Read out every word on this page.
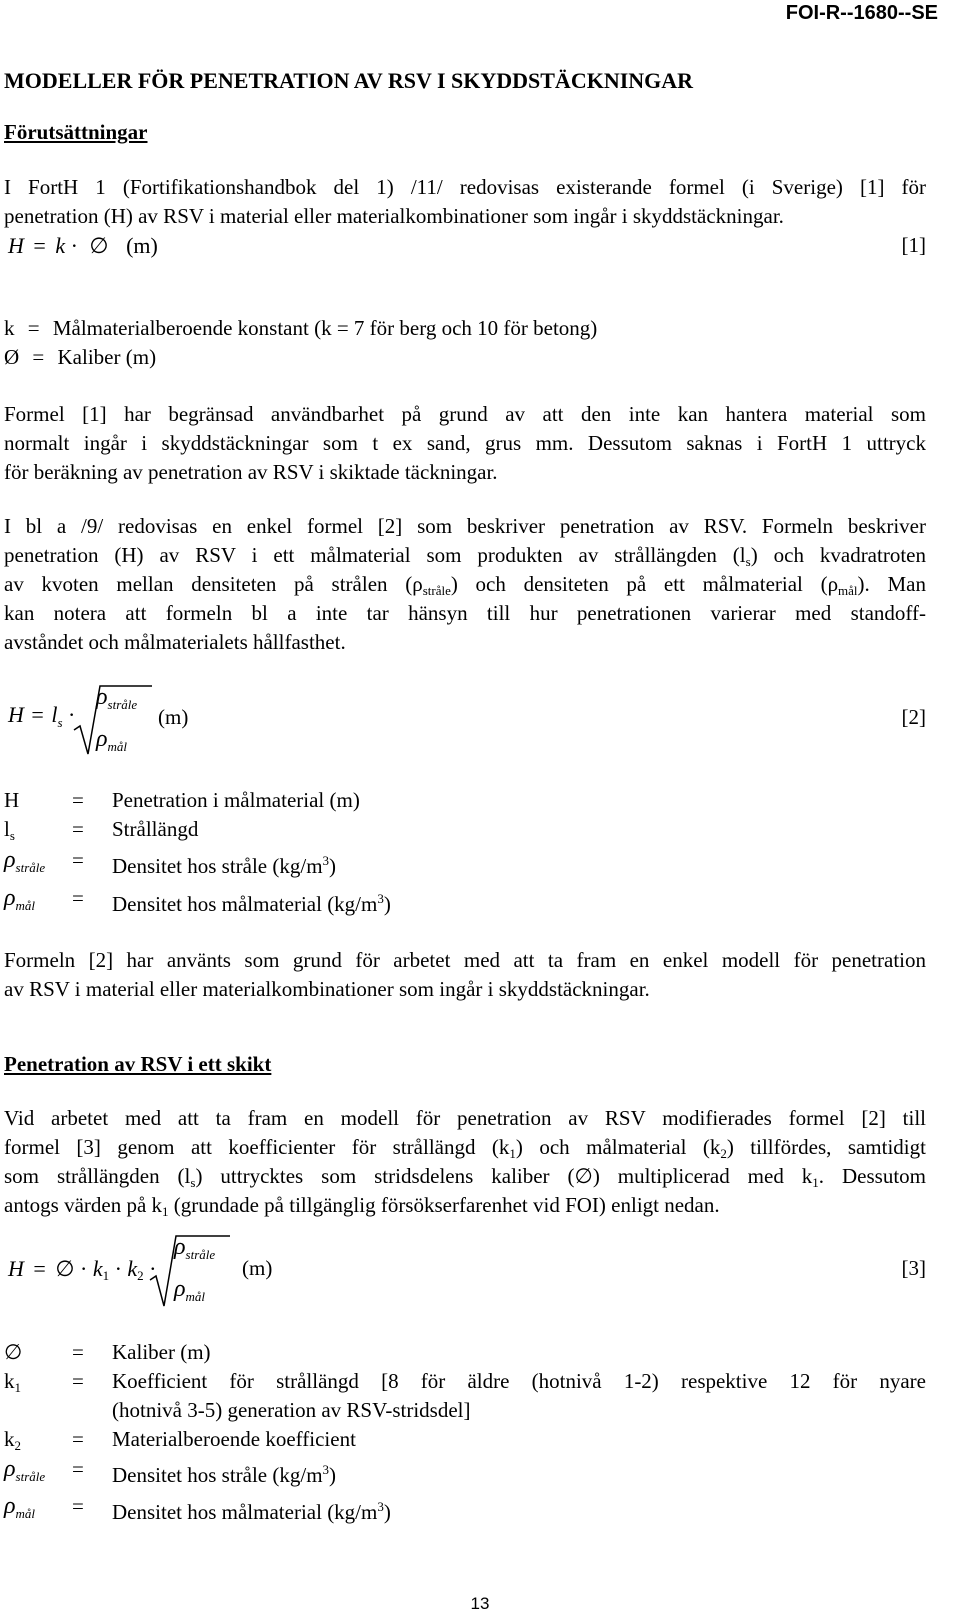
FOI-R--1680--SE
MODELLER FÖR PENETRATION AV RSV I SKYDDSTÄCKNINGAR
Förutsättningar
I FortH 1 (Fortifikationshandbok del 1) /11/ redovisas existerande formel (i Sverige) [1] för
penetration (H) av RSV i material eller materialkombinationer som ingår i skyddstäckningar.
H = k · ∅ (m)	[1]
k = Målmaterialberoende konstant (k = 7 för berg och 10 för betong)
Ø = Kaliber (m)
Formel [1] har begränsad användbarhet på grund av att den inte kan hantera material som
normalt ingår i skyddstäckningar som t ex sand, grus mm. Dessutom saknas i FortH 1 uttryck
för beräkning av penetration av RSV i skiktade täckningar.
I bl a /9/ redovisas en enkel formel [2] som beskriver penetration av RSV. Formeln beskriver
penetration (H) av RSV i ett målmaterial som produkten av strållängden $(l_s)$ och kvadratroten
av kvoten mellan densiteten på strålen $(\rho_{stråle})$ och densiteten på ett målmaterial $(\rho_{mål})$. Man
kan notera att formeln bl a inte tar hänsyn till hur penetrationen varierar med standoff-
avståndet och målmaterialets hållfasthet.
$H = l_s$ ·
$\rho_{stråle}$
$\rho_{mål}$
(m)	[2]
H	= Penetration i målmaterial (m)
$l_s$	= Strållängd
$\rho_{stråle}$ = Densitet hos stråle $(kg/m^3)$
$\rho_{mål}$ = Densitet hos målmaterial $(kg/m^3)$
Formeln [2] har använts som grund för arbetet med att ta fram en enkel modell för penetration
av RSV i material eller materialkombinationer som ingår i skyddstäckningar.
Penetration av RSV i ett skikt
Vid arbetet med att ta fram en modell för penetration av RSV modifierades formel [2] till
formel [3] genom att koefficienter för strållängd $(k_1)$ och målmaterial $(k_2)$ tillfördes, samtidigt
som strållängden $(l_s)$ uttrycktes som stridsdelens kaliber (∅) multiplicerad med $k_1$. Dessutom
antogs värden på $k_1$ (grundade på tillgänglig försökserfarenhet vid FOI) enligt nedan.
H = ∅ · $k_1 \cdot k_2$ ·
$\rho_{stråle}$
$\rho_{mål}$
(m)	[3]
∅ = Kaliber (m)
$k_1$ = Koefficient för strållängd [8 för äldre (hotnivå 1-2) respektive 12 för nyare
(hotnivå 3-5) generation av RSV-stridsdel]
$k_2$ = Materialberoende koefficient
$\rho_{stråle}$ = Densitet hos stråle $(kg/m^3)$
$\rho_{mål}$ = Densitet hos målmaterial $(kg/m^3)$
13
